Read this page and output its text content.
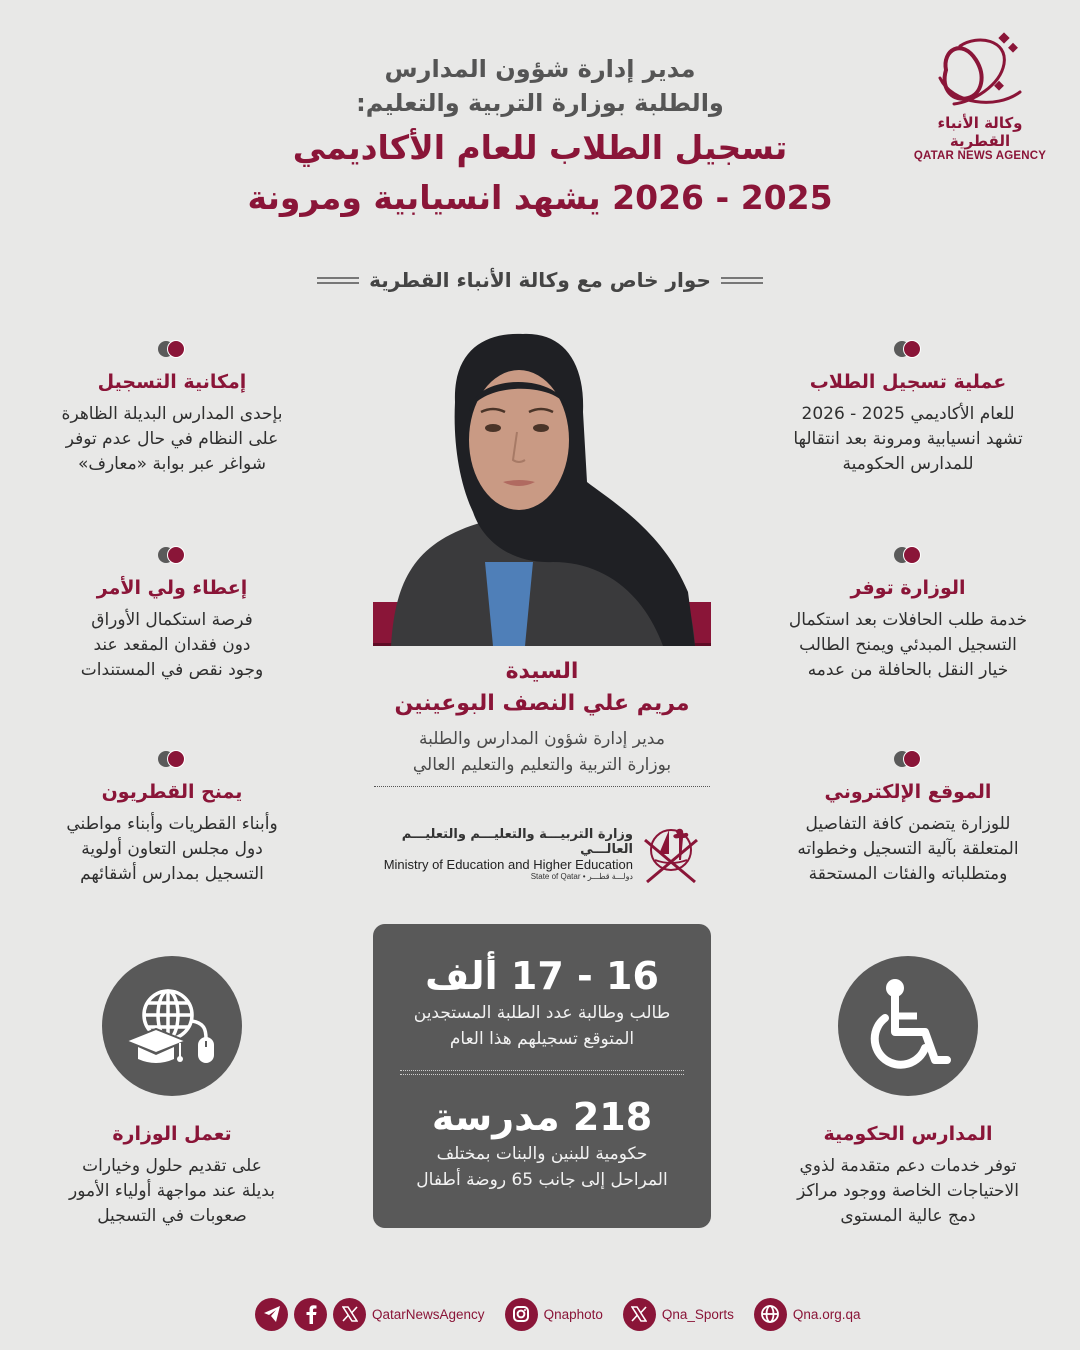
وكالة الأنباء القطرية
QATAR NEWS AGENCY
مدير إدارة شؤون المدارس
والطلبة بوزارة التربية والتعليم:
تسجيل الطلاب للعام الأكاديمي
2025 - 2026 يشهد انسيابية ومرونة
حوار خاص مع وكالة الأنباء القطرية
عملية تسجيل الطلاب

للعام الأكاديمي 2025 - 2026

تشهد انسيابية ومرونة بعد انتقالها

للمدارس الحكومية

الوزارة توفر

خدمة طلب الحافلات بعد استكمال

التسجيل المبدئي ويمنح الطالب

خيار النقل بالحافلة من عدمه

الموقع الإلكتروني

للوزارة يتضمن كافة التفاصيل

المتعلقة بآلية التسجيل وخطواته

ومتطلباته والفئات المستحقة

إمكانية التسجيل

بإحدى المدارس البديلة الظاهرة

على النظام في حال عدم توفر

شواغر عبر بوابة «معارف»

إعطاء ولي الأمر

فرصة استكمال الأوراق

دون فقدان المقعد عند

وجود نقص في المستندات

يمنح القطريون

وأبناء القطريات وأبناء مواطني

دول مجلس التعاون أولوية

التسجيل بمدارس أشقائهم

السيدة
مريم علي النصف البوعينين
مدير إدارة شؤون المدارس والطلبة
بوزارة التربية والتعليم والتعليم العالي
وزارة التربيـــة والتعليـــم والتعليـــم العالـــي
Ministry of Education and Higher Education
State of Qatar • دولـــة قطـــر
16 - 17 ألف
طالب وطالبة عدد الطلبة المستجدين
المتوقع تسجيلهم هذا العام
218 مدرسة
حكومية للبنين والبنات بمختلف
المراحل إلى جانب 65 روضة أطفال
تعمل الوزارة

على تقديم حلول وخيارات

بديلة عند مواجهة أولياء الأمور

صعوبات في التسجيل

المدارس الحكومية

توفر خدمات دعم متقدمة لذوي

الاحتياجات الخاصة ووجود مراكز

دمج عالية المستوى

QatarNewsAgency	Qnaphoto	Qna_Sports	Qna.org.qa
